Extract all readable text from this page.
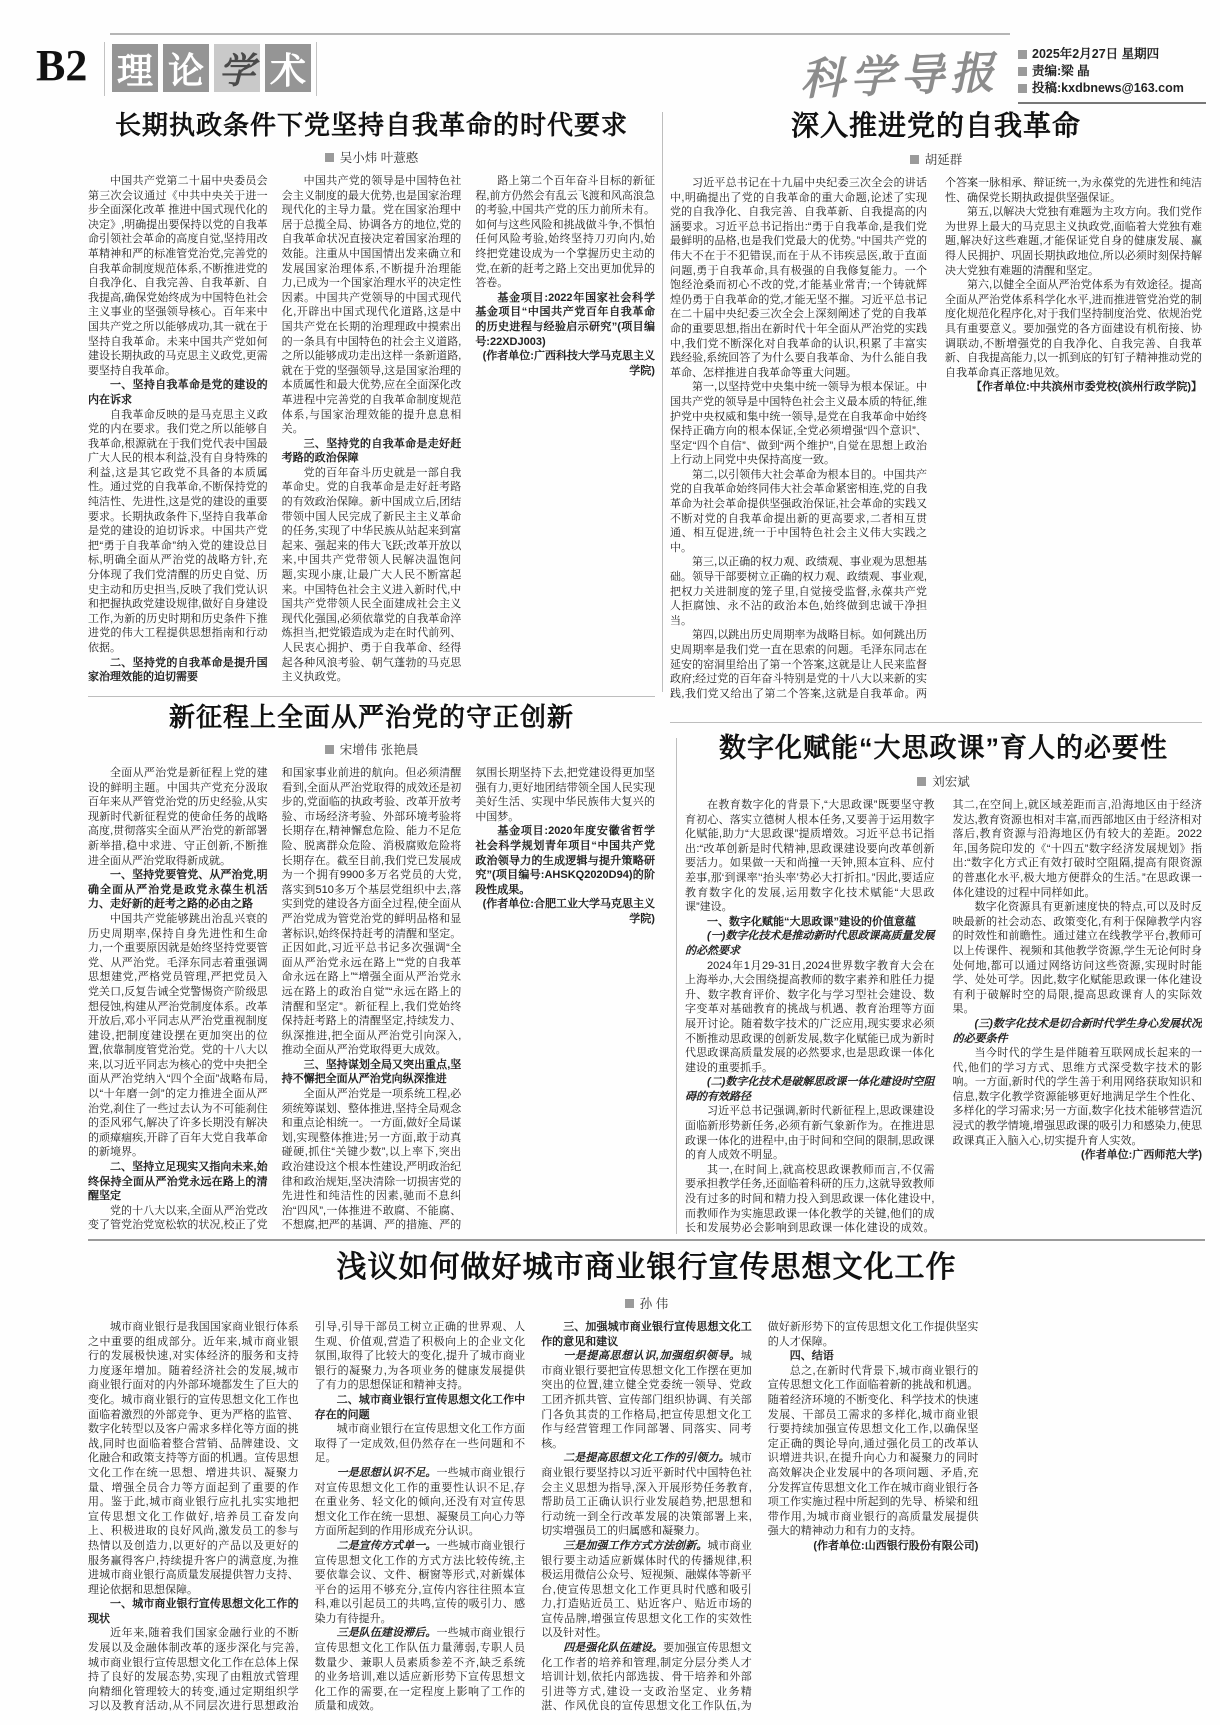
B2 理 论 学 术	科学导报	2025年2月27日 星期四
责编:梁 晶
投稿:kxdbnews@163.com
长期执政条件下党坚持自我革命的时代要求
吴小炜 叶薏憨

中国共产党第二十届中央委员会第三次会议通过《中共中央关于进一步全面深化改革 推进中国式现代化的决定》,明确提出要保持以党的自我革命引领社会革命的高度自觉,坚持用改革精神和严的标准管党治党,完善党的自我革命制度规范体系,不断推进党的自我净化、自我完善、自我革新、自我提高,确保党始终成为中国特色社会主义事业的坚强领导核心。百年来中国共产党之所以能够成功,其一就在于坚持自我革命。未来中国共产党如何建设长期执政的马克思主义政党,更需要坚持自我革命。

一、坚持自我革命是党的建设的内在诉求

自我革命反映的是马克思主义政党的内在要求。我们党之所以能够自我革命,根源就在于我们党代表中国最广大人民的根本利益,没有自身特殊的利益,这是其它政党不具备的本质属性。通过党的自我革命,不断保持党的纯洁性、先进性,这是党的建设的重要要求。长期执政条件下,坚持自我革命是党的建设的迫切诉求。中国共产党把“勇于自我革命”纳入党的建设总目标,明确全面从严治党的战略方针,充分体现了我们党清醒的历史自觉、历史主动和历史担当,反映了我们党认识和把握执政党建设规律,做好自身建设工作,为新的历史时期和历史条件下推进党的伟大工程提供思想指南和行动依据。

二、坚持党的自我革命是提升国家治理效能的迫切需要

中国共产党的领导是中国特色社会主义制度的最大优势,也是国家治理现代化的主导力量。党在国家治理中居于总揽全局、协调各方的地位,党的自我革命状况直接决定着国家治理的效能。注重从中国国情出发来确立和发展国家治理体系,不断提升治理能力,已成为一个国家治理水平的决定性因素。中国共产党领导的中国式现代化,开辟出中国式现代化道路,这是中国共产党在长期的治理理政中摸索出的一条具有中国特色的社会主义道路,之所以能够成功走出这样一条新道路,就在于党的坚强领导,这是国家治理的本质属性和最大优势,应在全面深化改革进程中完善党的自我革命制度规范体系,与国家治理效能的提升息息相关。

三、坚持党的自我革命是走好赶考路的政治保障

党的百年奋斗历史就是一部自我革命史。党的自我革命是走好赶考路的有效政治保障。新中国成立后,团结带领中国人民完成了新民主主义革命的任务,实现了中华民族从站起来到富起来、强起来的伟大飞跃;改革开放以来,中国共产党带领人民解决温饱问题,实现小康,让最广大人民不断富起来。中国特色社会主义进入新时代,中国共产党带领人民全面建成社会主义现代化强国,必须依靠党的自我革命淬炼担当,把党锻造成为走在时代前列、人民衷心拥护、勇于自我革命、经得起各种风浪考验、朝气蓬勃的马克思主义执政党。

路上第二个百年奋斗目标的新征程,前方仍然会有乱云飞渡和风高浪急的考验,中国共产党的压力前所未有。如何与这些风险和挑战做斗争,不惧怕任何风险考验,始终坚持刀刃向内,始终把党建设成为一个掌握历史主动的党,在新的赶考之路上交出更加优异的答卷。

基金项目:2022年国家社会科学基金项目“中国共产党百年自我革命的历史进程与经验启示研究”(项目编号:22XDJ003)

(作者单位:广西科技大学马克思主义学院)

深入推进党的自我革命
胡延群

习近平总书记在十九届中央纪委三次全会的讲话中,明确提出了党的自我革命的重大命题,论述了实现党的自我净化、自我完善、自我革新、自我提高的内涵要求。习近平总书记指出:“勇于自我革命,是我们党最鲜明的品格,也是我们党最大的优势。”中国共产党的伟大不在于不犯错误,而在于从不讳疾忌医,敢于直面问题,勇于自我革命,具有极强的自我修复能力。一个饱经沧桑而初心不改的党,才能基业常青;一个铸就辉煌仍勇于自我革命的党,才能无坚不摧。习近平总书记在二十届中央纪委三次全会上深刻阐述了党的自我革命的重要思想,指出在新时代十年全面从严治党的实践中,我们党不断深化对自我革命的认识,积累了丰富实践经验,系统回答了为什么要自我革命、为什么能自我革命、怎样推进自我革命等重大问题。

第一,以坚持党中央集中统一领导为根本保证。中国共产党的领导是中国特色社会主义最本质的特征,维护党中央权威和集中统一领导,是党在自我革命中始终保持正确方向的根本保证,全党必须增强“四个意识”、坚定“四个自信”、做到“两个维护”,自觉在思想上政治上行动上同党中央保持高度一致。

第二,以引领伟大社会革命为根本目的。中国共产党的自我革命始终同伟大社会革命紧密相连,党的自我革命为社会革命提供坚强政治保证,社会革命的实践又不断对党的自我革命提出新的更高要求,二者相互贯通、相互促进,统一于中国特色社会主义伟大实践之中。

第三,以正确的权力观、政绩观、事业观为思想基础。领导干部要树立正确的权力观、政绩观、事业观,把权力关进制度的笼子里,自觉接受监督,永葆共产党人拒腐蚀、永不沾的政治本色,始终做到忠诚干净担当。

第四,以跳出历史周期率为战略目标。如何跳出历史周期率是我们党一直在思索的问题。毛泽东同志在延安的窑洞里给出了第一个答案,这就是让人民来监督政府;经过党的百年奋斗特别是党的十八大以来新的实践,我们党又给出了第二个答案,这就是自我革命。两个答案一脉相承、辩证统一,为永葆党的先进性和纯洁性、确保党长期执政提供坚强保证。

第五,以解决大党独有难题为主攻方向。我们党作为世界上最大的马克思主义执政党,面临着大党独有难题,解决好这些难题,才能保证党自身的健康发展、赢得人民拥护、巩固长期执政地位,所以必须时刻保持解决大党独有难题的清醒和坚定。

第六,以健全全面从严治党体系为有效途径。提高全面从严治党体系科学化水平,进而推进管党治党的制度化规范化程序化,对于我们坚持制度治党、依规治党具有重要意义。要加强党的各方面建设有机衔接、协调联动,不断增强党的自我净化、自我完善、自我革新、自我提高能力,以一抓到底的钉钉子精神推动党的自我革命真正落地见效。

【作者单位:中共滨州市委党校(滨州行政学院)】

新征程上全面从严治党的守正创新
宋增伟 张艳晨

全面从严治党是新征程上党的建设的鲜明主题。中国共产党充分汲取百年来从严管党治党的历史经验,从实现新时代新征程党的使命任务的战略高度,贯彻落实全面从严治党的新部署新举措,稳中求进、守正创新,不断推进全面从严治党取得新成就。

一、坚持党要管党、从严治党,明确全面从严治党是政党永葆生机活力、走好新的赶考之路的必由之路

中国共产党能够跳出治乱兴衰的历史周期率,保持自身先进性和生命力,一个重要原因就是始终坚持党要管党、从严治党。毛泽东同志着重强调思想建党,严格党员管理,严把党员入党关口,反复告诫全党警惕资产阶级思想侵蚀,构建从严治党制度体系。改革开放后,邓小平同志从严治党重视制度建设,把制度建设摆在更加突出的位置,依靠制度管党治党。党的十八大以来,以习近平同志为核心的党中央把全面从严治党纳入“四个全面”战略布局,以“十年磨一剑”的定力推进全面从严治党,刹住了一些过去认为不可能刹住的歪风邪气,解决了许多长期没有解决的顽瘴痼疾,开辟了百年大党自我革命的新境界。

二、坚持立足现实又指向未来,始终保持全面从严治党永远在路上的清醒坚定

党的十八大以来,全面从严治党改变了管党治党宽松软的状况,校正了党和国家事业前进的航向。但必须清醒看到,全面从严治党取得的成效还是初步的,党面临的执政考验、改革开放考验、市场经济考验、外部环境考验将长期存在,精神懈怠危险、能力不足危险、脱离群众危险、消极腐败危险将长期存在。截至目前,我们党已发展成为一个拥有9900多万名党员的大党,落实到510多万个基层党组织中去,落实到党的建设各方面全过程,使全面从严治党成为管党治党的鲜明品格和显著标识,始终保持赶考的清醒和坚定。正因如此,习近平总书记多次强调“全面从严治党永远在路上”“党的自我革命永远在路上”“增强全面从严治党永远在路上的政治自觉”“永远在路上的清醒和坚定”。新征程上,我们党始终保持赶考路上的清醒坚定,持续发力、纵深推进,把全面从严治党引向深入,推动全面从严治党取得更大成效。

三、坚持谋划全局又突出重点,坚持不懈把全面从严治党向纵深推进

全面从严治党是一项系统工程,必须统筹谋划、整体推进,坚持全局观念和重点论相统一。一方面,做好全局谋划,实现整体推进;另一方面,敢于动真碰硬,抓住“关键少数”,以上率下,突出政治建设这个根本性建设,严明政治纪律和政治规矩,坚决清除一切损害党的先进性和纯洁性的因素,驰而不息纠治“四风”,一体推进不敢腐、不能腐、不想腐,把严的基调、严的措施、严的氛围长期坚持下去,把党建设得更加坚强有力,更好地团结带领全国人民实现美好生活、实现中华民族伟大复兴的中国梦。

基金项目:2020年度安徽省哲学社会科学规划青年项目“中国共产党政治领导力的生成逻辑与提升策略研究”(项目编号:AHSKQ2020D94)的阶段性成果。

(作者单位:合肥工业大学马克思主义学院)

数字化赋能“大思政课”育人的必要性
刘宏斌

在教育数字化的背景下,“大思政课”既要坚守教育初心、落实立德树人根本任务,又要善于运用数字化赋能,助力“大思政课”提质增效。习近平总书记指出:“改革创新是时代精神,思政课建设要向改革创新要活力。如果做一天和尚撞一天钟,照本宣科、应付差事,那‘到课率’‘抬头率’势必大打折扣。”因此,要适应教育数字化的发展,运用数字化技术赋能“大思政课”建设。

一、数字化赋能“大思政课”建设的价值意蕴

(一)数字化技术是推动新时代思政课高质量发展的必然要求

2024年1月29-31日,2024世界数字教育大会在上海举办,大会围绕提高教师的数字素养和胜任力提升、数字教育评价、数字化与学习型社会建设、数字变革对基础教育的挑战与机遇、教育治理等方面展开讨论。随着数字技术的广泛应用,现实要求必须不断推动思政课的创新发展,数字化赋能已成为新时代思政课高质量发展的必然要求,也是思政课一体化建设的重要抓手。

(二)数字化技术是破解思政课一体化建设时空阻碍的有效路径

习近平总书记强调,新时代新征程上,思政课建设面临新形势新任务,必须有新气象新作为。在推进思政课一体化的进程中,由于时间和空间的限制,思政课的育人成效不明显。

其一,在时间上,就高校思政课教师而言,不仅需要承担教学任务,还面临着科研的压力,这就导致教师没有过多的时间和精力投入到思政课一体化建设中,而教师作为实施思政课一体化教学的关键,他们的成长和发展势必会影响到思政课一体化建设的成效。其二,在空间上,就区域差距而言,沿海地区由于经济发达,教育资源也相对丰富,而西部地区由于经济相对落后,教育资源与沿海地区仍有较大的差距。2022年,国务院印发的《“十四五”数字经济发展规划》指出:“数字化方式正有效打破时空阻隔,提高有限资源的普惠化水平,极大地方便群众的生活。”在思政课一体化建设的过程中同样如此。

数字化资源具有更新速度快的特点,可以及时反映最新的社会动态、政策变化,有利于保障教学内容的时效性和前瞻性。通过建立在线教学平台,教师可以上传课件、视频和其他教学资源,学生无论何时身处何地,都可以通过网络访问这些资源,实现时时能学、处处可学。因此,数字化赋能思政课一体化建设有利于破解时空的局限,提高思政课育人的实际效果。

(三)数字化技术是切合新时代学生身心发展状况的必要条件

当今时代的学生是伴随着互联网成长起来的一代,他们的学习方式、思维方式深受数字技术的影响。一方面,新时代的学生善于利用网络获取知识和信息,数字化教学资源能够更好地满足学生个性化、多样化的学习需求;另一方面,数字化技术能够营造沉浸式的教学情境,增强思政课的吸引力和感染力,使思政课真正入脑入心,切实提升育人实效。

(作者单位:广西师范大学)

浅议如何做好城市商业银行宣传思想文化工作
孙 伟

城市商业银行是我国国家商业银行体系之中重要的组成部分。近年来,城市商业银行的发展极快速,对实体经济的服务和支持力度逐年增加。随着经济社会的发展,城市商业银行面对的内外部环境都发生了巨大的变化。城市商业银行的宣传思想文化工作也面临着激烈的外部竞争、更为严格的监管、数字化转型以及客户需求多样化等方面的挑战,同时也面临着整合营销、品牌建设、文化融合和政策支持等方面的机遇。宣传思想文化工作在统一思想、增进共识、凝聚力量、增强全员合力等方面起到了重要的作用。鉴于此,城市商业银行应扎扎实实地把宣传思想文化工作做好,培养员工奋发向上、积极进取的良好风尚,激发员工的参与热情以及创造力,以更好的产品以及更好的服务赢得客户,持续提升客户的满意度,为推进城市商业银行高质量发展提供智力支持、理论依据和思想保障。

一、城市商业银行宣传思想文化工作的现状

近年来,随着我们国家金融行业的不断发展以及金融体制改革的逐步深化与完善,城市商业银行宣传思想文化工作在总体上保持了良好的发展态势,实现了由粗放式管理向精细化管理较大的转变,通过定期组织学习以及教育活动,从不同层次进行思想政治引导,引导干部员工树立正确的世界观、人生观、价值观,营造了积极向上的企业文化氛围,取得了比较大的变化,提升了城市商业银行的凝聚力,为各项业务的健康发展提供了有力的思想保证和精神支持。

二、城市商业银行宣传思想文化工作中存在的问题

城市商业银行在宣传思想文化工作方面取得了一定成效,但仍然存在一些问题和不足。

一是思想认识不足。一些城市商业银行对宣传思想文化工作的重要性认识不足,存在重业务、轻文化的倾向,还没有对宣传思想文化工作在统一思想、凝聚员工向心力等方面所起到的作用形成充分认识。

二是宣传方式单一。一些城市商业银行宣传思想文化工作的方式方法比较传统,主要依靠会议、文件、橱窗等形式,对新媒体平台的运用不够充分,宣传内容往往照本宣科,难以引起员工的共鸣,宣传的吸引力、感染力有待提升。

三是队伍建设滞后。一些城市商业银行宣传思想文化工作队伍力量薄弱,专职人员数量少、兼职人员素质参差不齐,缺乏系统的业务培训,难以适应新形势下宣传思想文化工作的需要,在一定程度上影响了工作的质量和成效。

三、加强城市商业银行宣传思想文化工作的意见和建议

一是提高思想认识,加强组织领导。城市商业银行要把宣传思想文化工作摆在更加突出的位置,建立健全党委统一领导、党政工团齐抓共管、宣传部门组织协调、有关部门各负其责的工作格局,把宣传思想文化工作与经营管理工作同部署、同落实、同考核。

二是提高思想文化工作的引领力。城市商业银行要坚持以习近平新时代中国特色社会主义思想为指导,深入开展形势任务教育,帮助员工正确认识行业发展趋势,把思想和行动统一到全行改革发展的决策部署上来,切实增强员工的归属感和凝聚力。

三是加强工作方式方法创新。城市商业银行要主动适应新媒体时代的传播规律,积极运用微信公众号、短视频、融媒体等新平台,使宣传思想文化工作更具时代感和吸引力,打造贴近员工、贴近客户、贴近市场的宣传品牌,增强宣传思想文化工作的实效性以及针对性。

四是强化队伍建设。要加强宣传思想文化工作者的培养和管理,制定分层分类人才培训计划,依托内部选拔、骨干培养和外部引进等方式,建设一支政治坚定、业务精湛、作风优良的宣传思想文化工作队伍,为做好新形势下的宣传思想文化工作提供坚实的人才保障。

四、结语

总之,在新时代背景下,城市商业银行的宣传思想文化工作面临着新的挑战和机遇。随着经济环境的不断变化、科学技术的快速发展、干部员工需求的多样化,城市商业银行要持续加强宣传思想文化工作,以确保坚定正确的舆论导向,通过强化员工的改革认识增进共识,在提升向心力和凝聚力的同时高效解决企业发展中的各项问题、矛盾,充分发挥宣传思想文化工作在城市商业银行各项工作实施过程中所起到的先导、桥梁和纽带作用,为城市商业银行的高质量发展提供强大的精神动力和有力的支持。

(作者单位:山西银行股份有限公司)
